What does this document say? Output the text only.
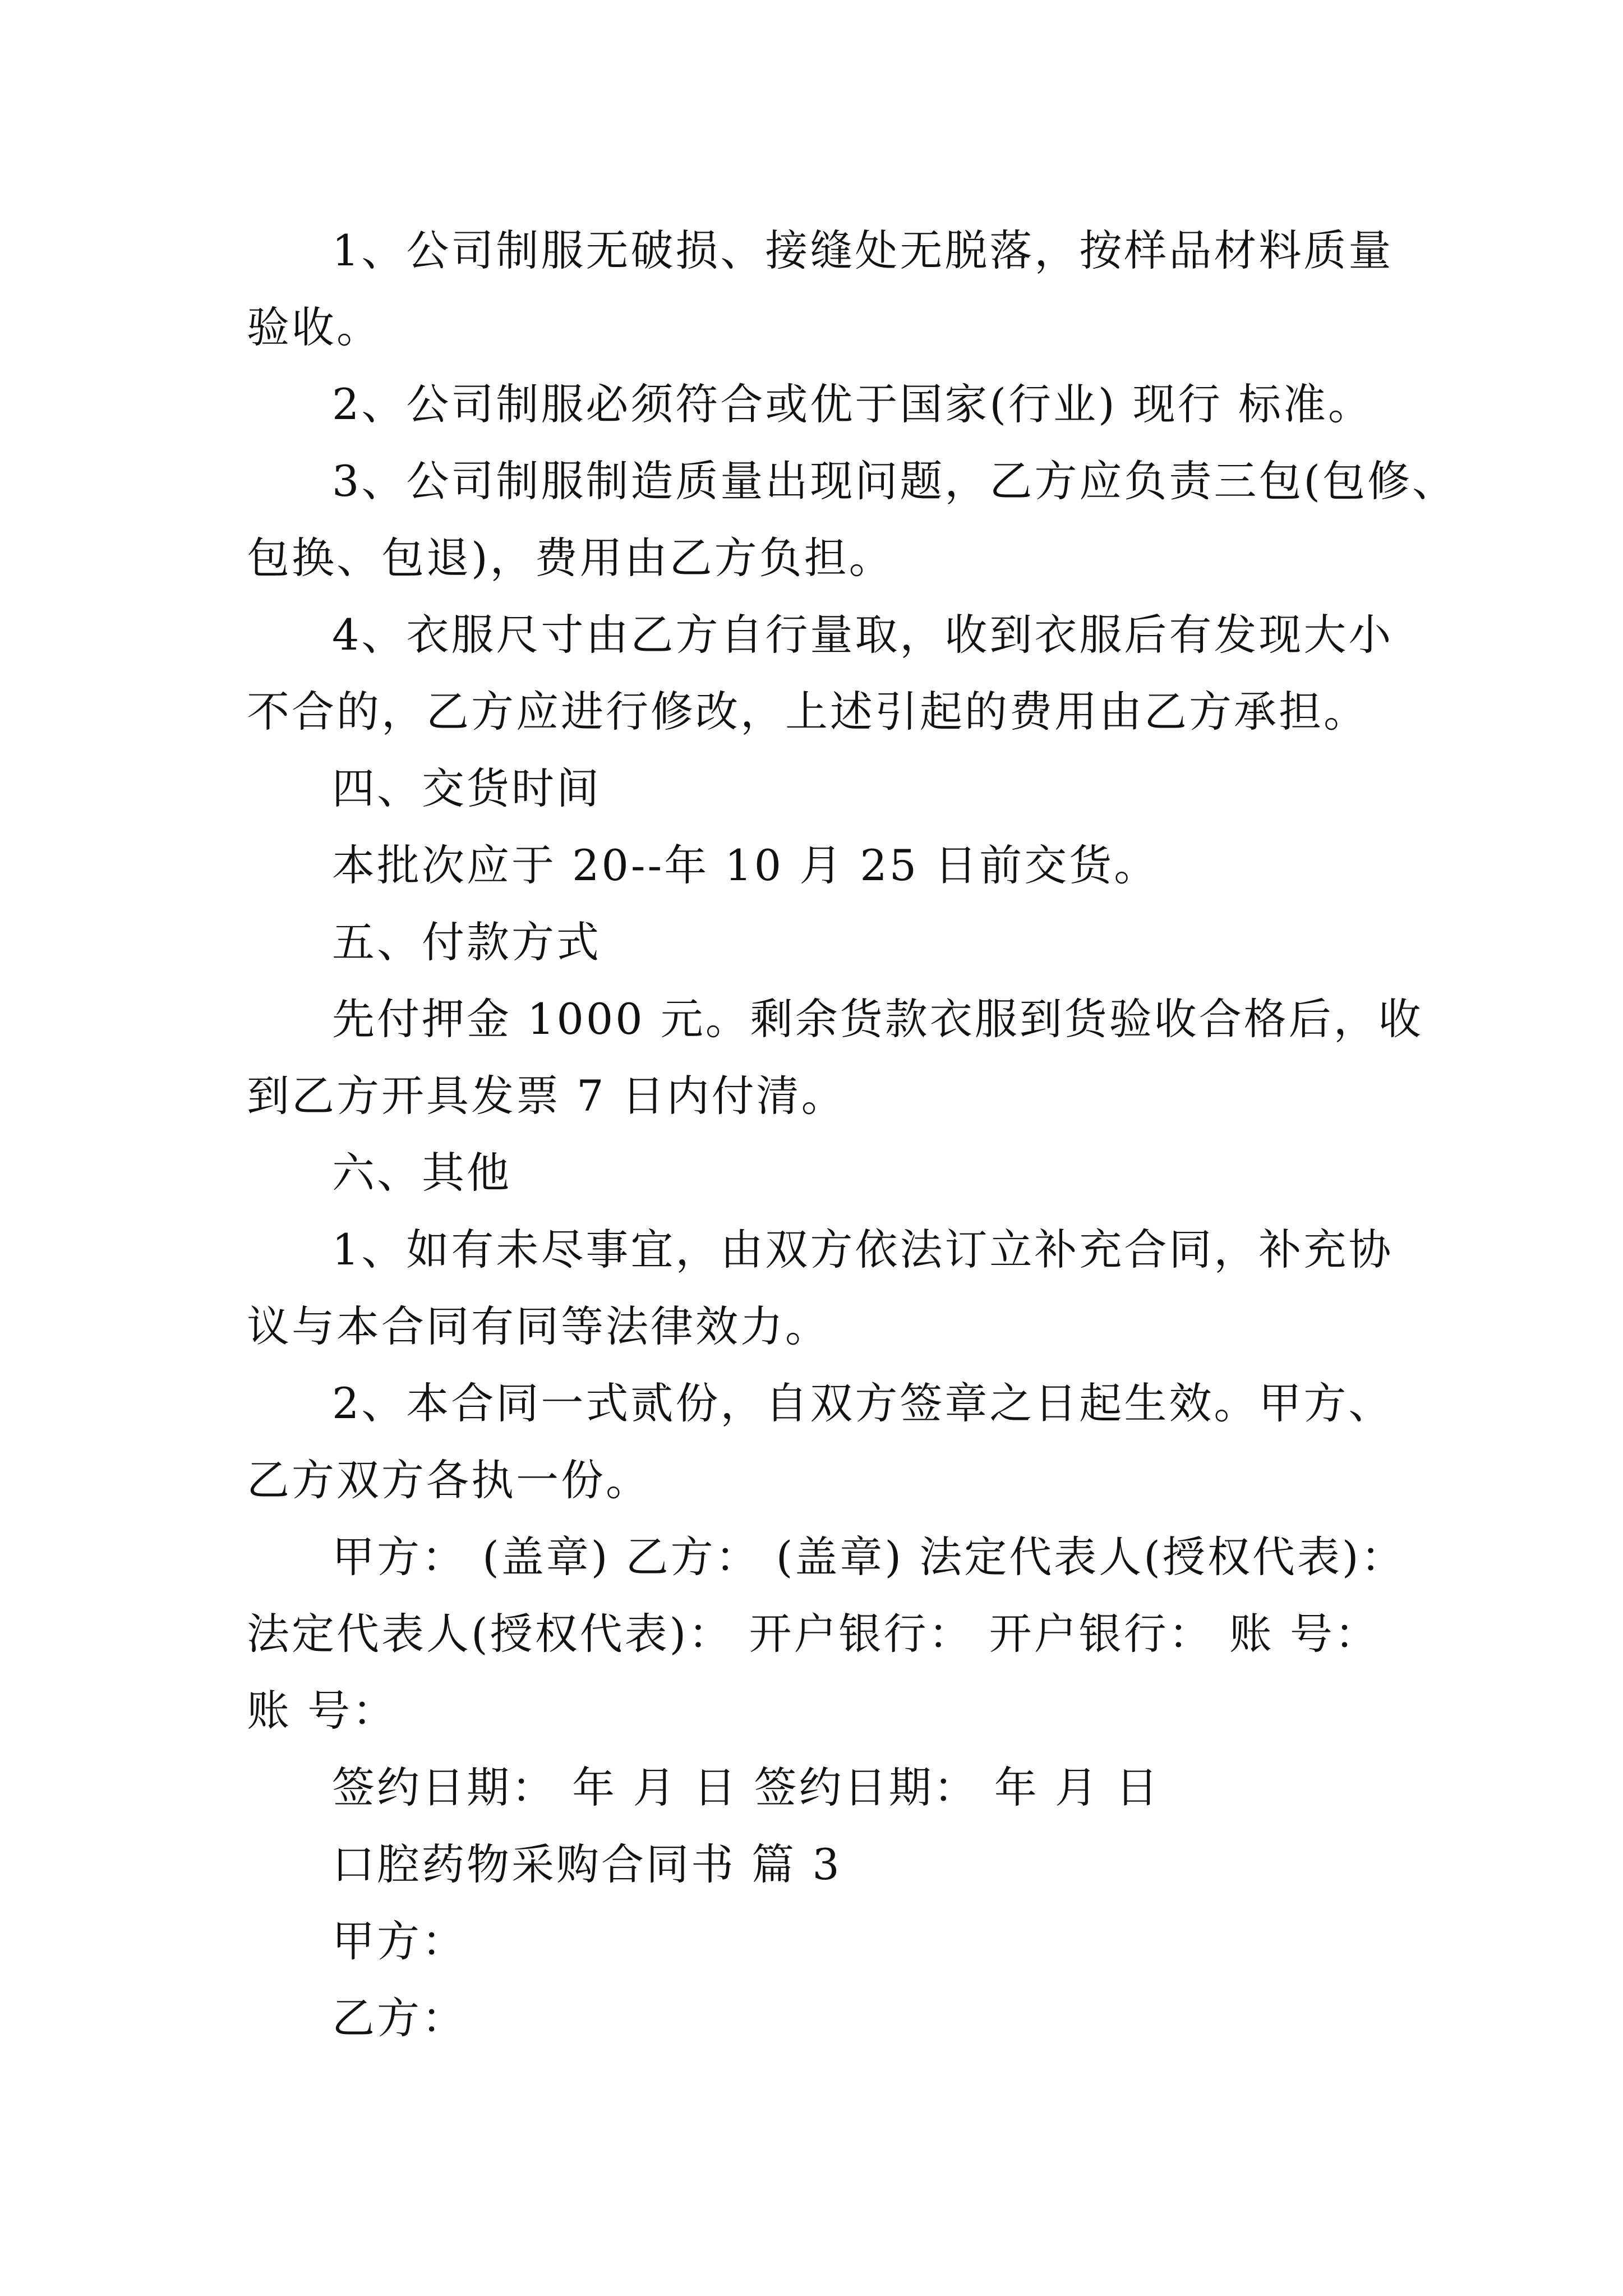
1、公司制服无破损、接缝处无脱落，按样品材料质量
验收。
2、公司制服必须符合或优于国家(行业) 现行 标准。
3、公司制服制造质量出现问题，乙方应负责三包(包修、
包换、包退)，费用由乙方负担。
4、衣服尺寸由乙方自行量取，收到衣服后有发现大小
不合的，乙方应进行修改，上述引起的费用由乙方承担。
四、交货时间
本批次应于 20--年 10 月 25 日前交货。
五、付款方式
先付押金 1000 元。剩余货款衣服到货验收合格后，收
到乙方开具发票 7 日内付清。
六、其他
1、如有未尽事宜，由双方依法订立补充合同，补充协
议与本合同有同等法律效力。
2、本合同一式贰份，自双方签章之日起生效。甲方、
乙方双方各执一份。
甲方： (盖章) 乙方： (盖章) 法定代表人(授权代表)：
法定代表人(授权代表)： 开户银行： 开户银行： 账 号：
账 号：
签约日期： 年 月 日 签约日期： 年 月 日
口腔药物采购合同书 篇 3
甲方：
乙方：
